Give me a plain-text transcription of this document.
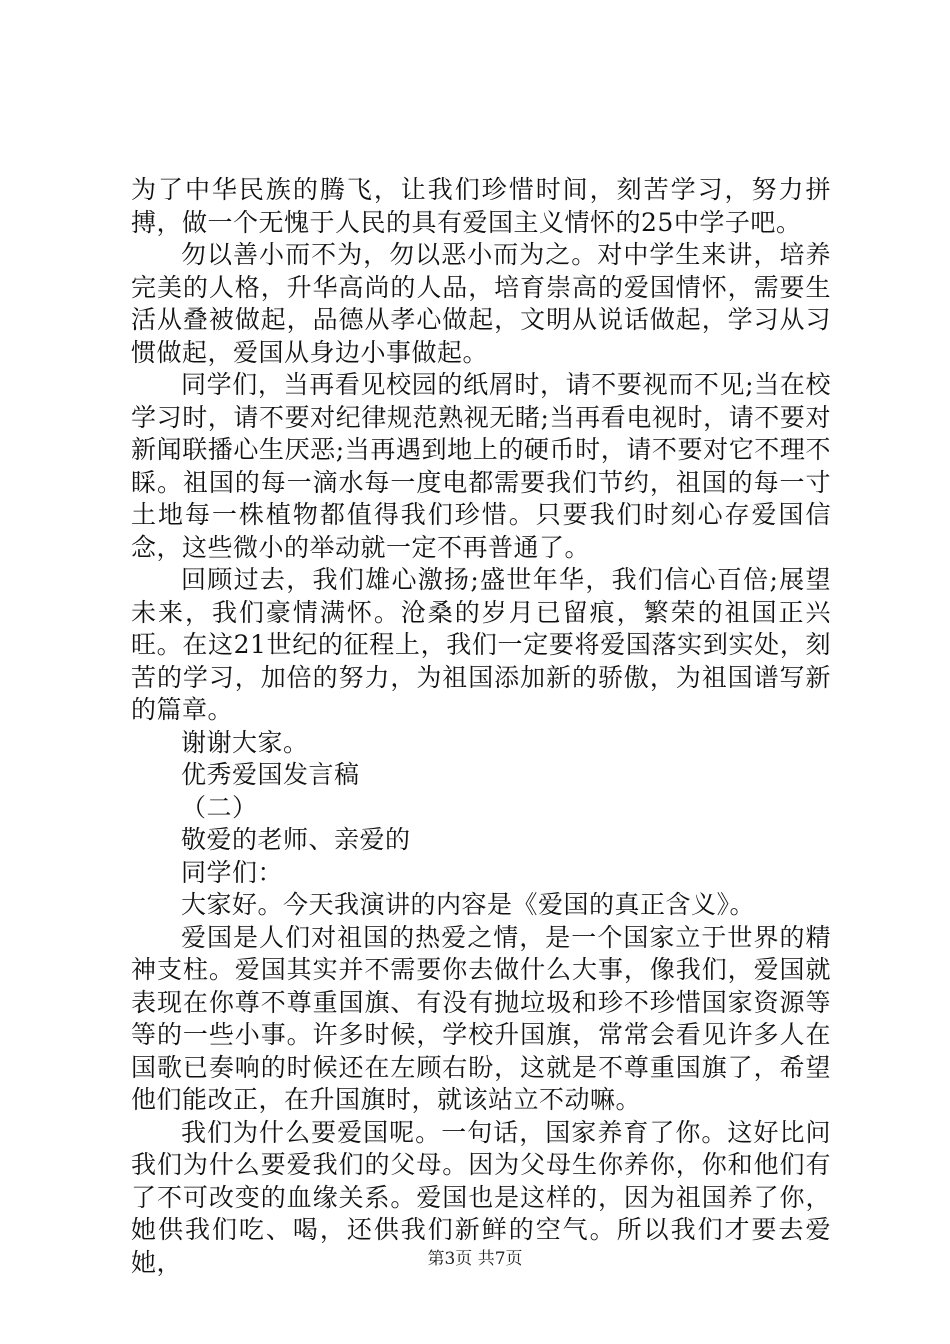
为了中华民族的腾飞，让我们珍惜时间，刻苦学习，努力拼搏，做一个无愧于人民的具有爱国主义情怀的25中学子吧。

勿以善小而不为，勿以恶小而为之。对中学生来讲，培养完美的人格，升华高尚的人品，培育崇高的爱国情怀，需要生活从叠被做起，品德从孝心做起，文明从说话做起，学习从习惯做起，爱国从身边小事做起。

同学们，当再看见校园的纸屑时，请不要视而不见;当在校学习时，请不要对纪律规范熟视无睹;当再看电视时，请不要对新闻联播心生厌恶;当再遇到地上的硬币时，请不要对它不理不睬。祖国的每一滴水每一度电都需要我们节约，祖国的每一寸土地每一株植物都值得我们珍惜。只要我们时刻心存爱国信念，这些微小的举动就一定不再普通了。

回顾过去，我们雄心激扬;盛世年华，我们信心百倍;展望未来，我们豪情满怀。沧桑的岁月已留痕，繁荣的祖国正兴旺。在这21世纪的征程上，我们一定要将爱国落实到实处，刻苦的学习，加倍的努力，为祖国添加新的骄傲，为祖国谱写新的篇章。

谢谢大家。

优秀爱国发言稿

（二）

敬爱的老师、亲爱的

同学们：

大家好。今天我演讲的内容是《爱国的真正含义》。

爱国是人们对祖国的热爱之情，是一个国家立于世界的精神支柱。爱国其实并不需要你去做什么大事，像我们，爱国就表现在你尊不尊重国旗、有没有抛垃圾和珍不珍惜国家资源等等的一些小事。许多时候，学校升国旗，常常会看见许多人在国歌已奏响的时候还在左顾右盼，这就是不尊重国旗了，希望他们能改正，在升国旗时，就该站立不动嘛。

我们为什么要爱国呢。一句话，国家养育了你。这好比问我们为什么要爱我们的父母。因为父母生你养你，你和他们有了不可改变的血缘关系。爱国也是这样的，因为祖国养了你，她供我们吃、喝，还供我们新鲜的空气。所以我们才要去爱她，	第3页 共7页
